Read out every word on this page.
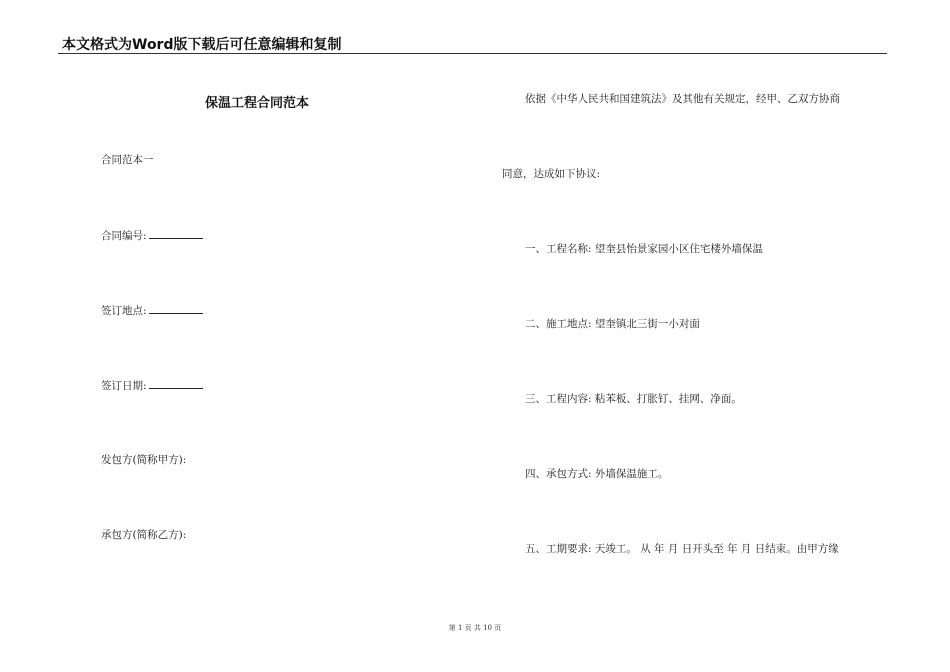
本文格式为Word版下载后可任意编辑和复制
保温工程合同范本
合同范本一
合同编号:
签订地点:
签订日期:
发包方(简称甲方):
承包方(简称乙方):
依据《中华人民共和国建筑法》及其他有关规定，经甲、乙双方协商
同意，达成如下协议:
一、工程名称: 望奎县怡景家园小区住宅楼外墙保温
二、施工地点: 望奎镇北三街一小对面
三、工程内容: 粘苯板、打胀钉、挂网、净面。
四、承包方式: 外墙保温施工。
五、工期要求: 天竣工。 从 年 月 日开头至 年 月 日结束。由甲方缘
第 1 页 共 10 页
